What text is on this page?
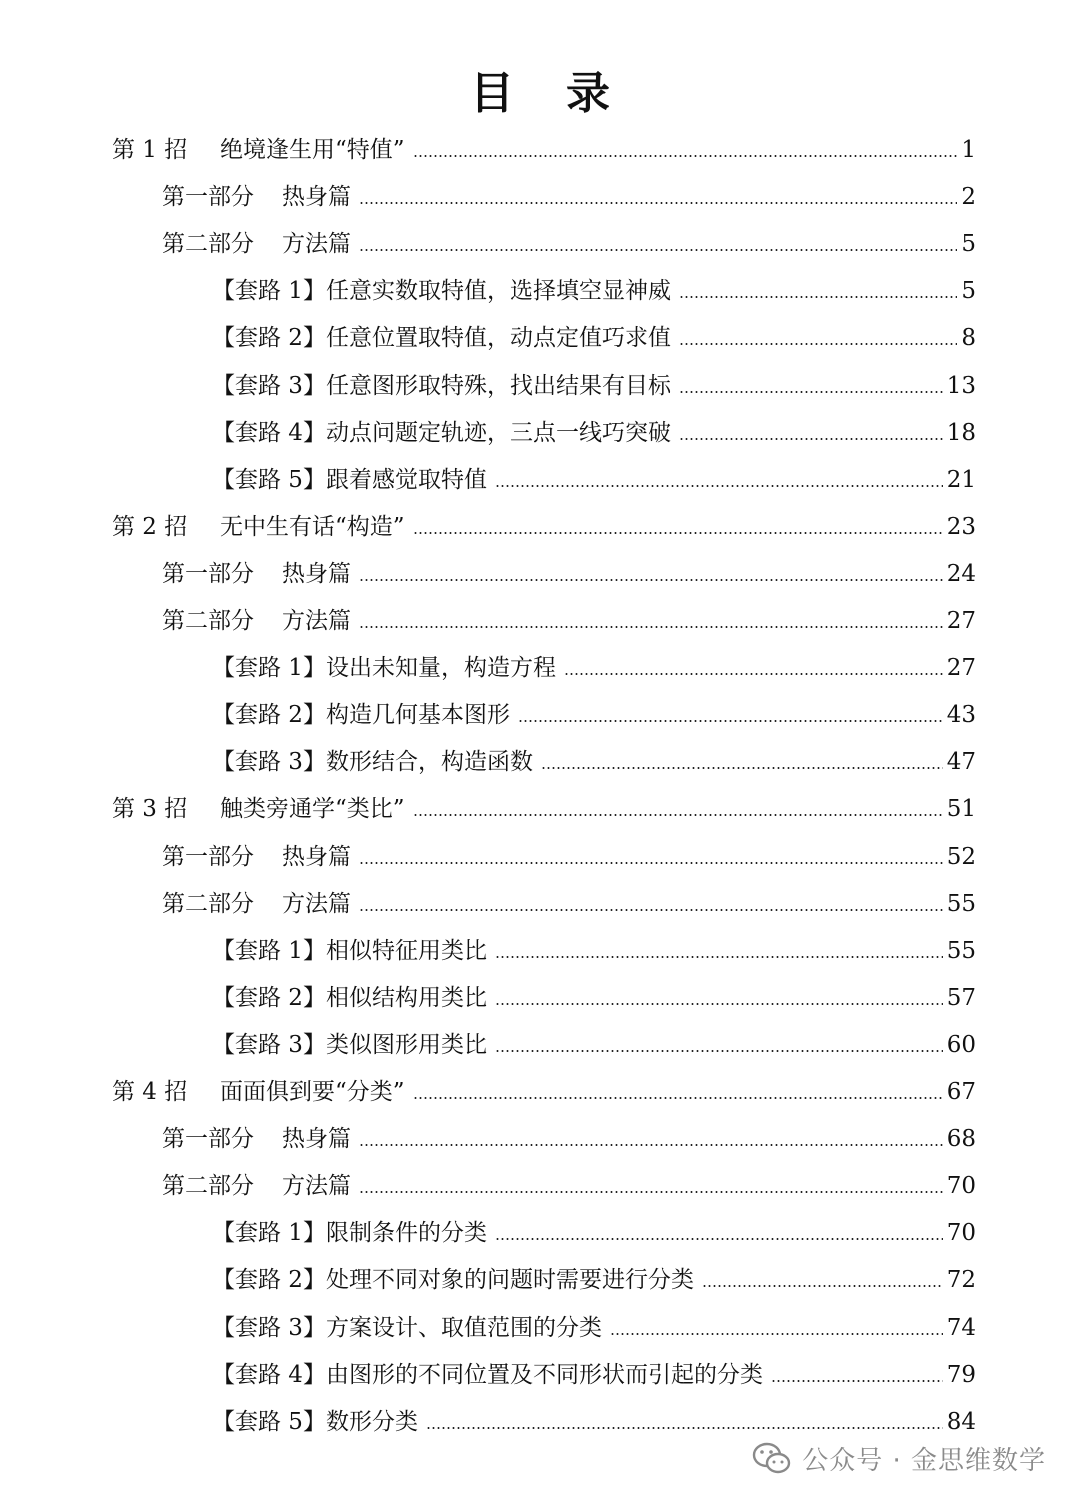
目录
第 1 招	绝境逢生用“特值”	1
第一部分	热身篇	2
第二部分	方法篇	5
【套路 1】 任意实数取特值，选择填空显神威	5
【套路 2】 任意位置取特值，动点定值巧求值	8
【套路 3】 任意图形取特殊，找出结果有目标	13
【套路 4】 动点问题定轨迹，三点一线巧突破	18
【套路 5】 跟着感觉取特值	21
第 2 招	无中生有话“构造”	23
第一部分	热身篇	24
第二部分	方法篇	27
【套路 1】 设出未知量，构造方程	27
【套路 2】 构造几何基本图形	43
【套路 3】 数形结合，构造函数	47
第 3 招	触类旁通学“类比”	51
第一部分	热身篇	52
第二部分	方法篇	55
【套路 1】 相似特征用类比	55
【套路 2】 相似结构用类比	57
【套路 3】 类似图形用类比	60
第 4 招	面面俱到要“分类”	67
第一部分	热身篇	68
第二部分	方法篇	70
【套路 1】 限制条件的分类	70
【套路 2】 处理不同对象的问题时需要进行分类	72
【套路 3】 方案设计、取值范围的分类	74
【套路 4】 由图形的不同位置及不同形状而引起的分类	79
【套路 5】 数形分类	84
公众号 · 金思维数学
